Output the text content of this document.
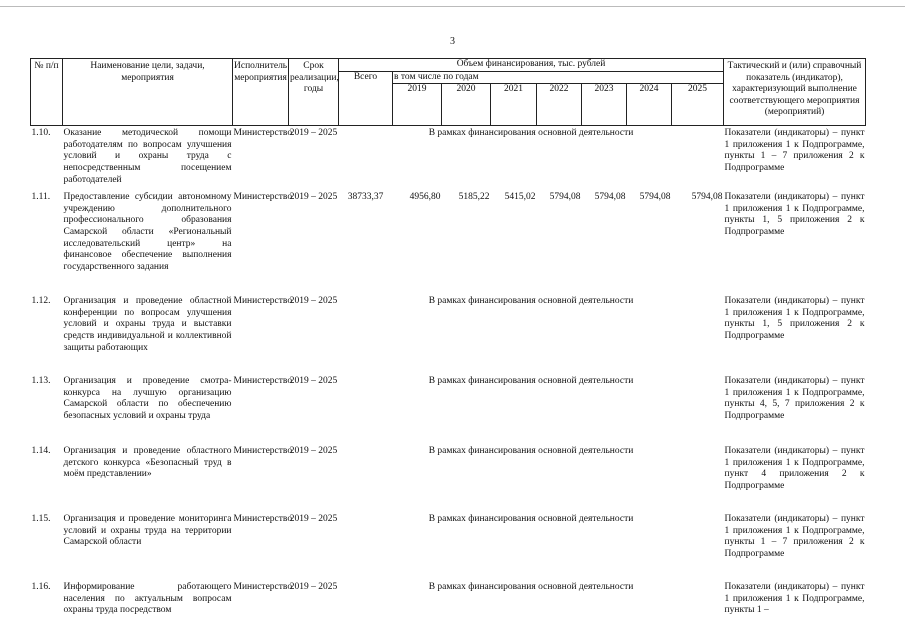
3
№ п/п	Наименование цели, задачи, мероприятия	Исполнитель мероприятия	Срок реализации, годы	Объем финансирования, тыс. рублей								Тактический и (или) справочный показатель (индикатор), характеризующий выполнение соответствующего мероприятия (мероприятий)
				Всего	в том числе по годам							
					2019	2020	2021	2022	2023	2024	2025	
1.10.	Оказание методической помощи работодателям по вопросам улучшения условий и охраны труда с непосредственным посещением работодателей	Министерство	2019 – 2025	В рамках финансирования основной деятельности								Показатели (индикаторы) – пункт 1 приложения 1 к Подпрограмме, пункты 1 – 7 приложения 2 к Подпрограмме
1.11.	Предоставление субсидии автономному учреждению дополнительного профессионального образования Самарской области «Региональный исследовательский центр» на финансовое обеспечение выполнения государственного задания	Министерство	2019 – 2025	38733,37	4956,80	5185,22	5415,02	5794,08	5794,08	5794,08	5794,08	Показатели (индикаторы) – пункт 1 приложения 1 к Подпрограмме, пункты 1, 5 приложения 2 к Подпрограмме
1.12.	Организация и проведение областной конференции по вопросам улучшения условий и охраны труда и выставки средств индивидуальной и коллективной защиты работающих	Министерство	2019 – 2025	В рамках финансирования основной деятельности								Показатели (индикаторы) – пункт 1 приложения 1 к Подпрограмме, пункты 1, 5 приложения 2 к Подпрограмме
1.13.	Организация и проведение смотра-конкурса на лучшую организацию Самарской области по обеспечению безопасных условий и охраны труда	Министерство	2019 – 2025	В рамках финансирования основной деятельности								Показатели (индикаторы) – пункт 1 приложения 1 к Подпрограмме, пункты 4, 5, 7 приложения 2 к Подпрограмме
1.14.	Организация и проведение областного детского конкурса «Безопасный труд в моём представлении»	Министерство	2019 – 2025	В рамках финансирования основной деятельности								Показатели (индикаторы) – пункт 1 приложения 1 к Подпрограмме, пункт 4 приложения 2 к Подпрограмме
1.15.	Организация и проведение мониторинга условий и охраны труда на территории Самарской области	Министерство	2019 – 2025	В рамках финансирования основной деятельности								Показатели (индикаторы) – пункт 1 приложения 1 к Подпрограмме, пункты 1 – 7 приложения 2 к Подпрограмме
1.16.	Информирование работающего населения по актуальным вопросам охраны труда посредством	Министерство	2019 – 2025	В рамках финансирования основной деятельности								Показатели (индикаторы) – пункт 1 приложения 1 к Подпрограмме, пункты 1 –
